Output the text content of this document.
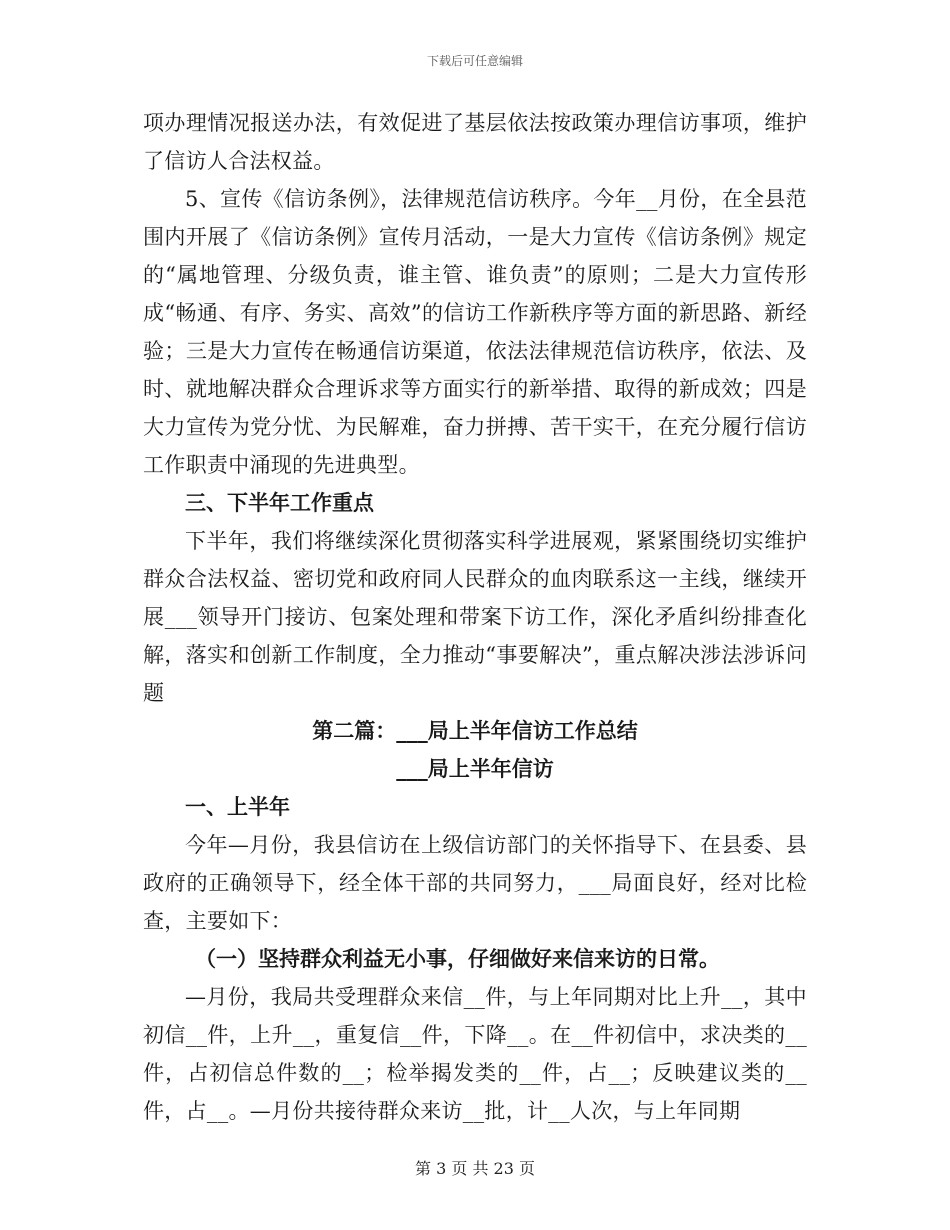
下载后可任意编辑

项办理情况报送办法，有效促进了基层依法按政策办理信访事项，维护了信访人合法权益。

5、宣传《信访条例》，法律规范信访秩序。今年__月份，在全县范围内开展了《信访条例》宣传月活动，一是大力宣传《信访条例》规定的“属地管理、分级负责，谁主管、谁负责”的原则；二是大力宣传形成“畅通、有序、务实、高效”的信访工作新秩序等方面的新思路、新经验；三是大力宣传在畅通信访渠道，依法法律规范信访秩序，依法、及时、就地解决群众合理诉求等方面实行的新举措、取得的新成效；四是大力宣传为党分忧、为民解难，奋力拼搏、苦干实干，在充分履行信访工作职责中涌现的先进典型。

三、下半年工作重点

下半年，我们将继续深化贯彻落实科学进展观，紧紧围绕切实维护群众合法权益、密切党和政府同人民群众的血肉联系这一主线，继续开展___领导开门接访、包案处理和带案下访工作，深化矛盾纠纷排查化解，落实和创新工作制度，全力推动“事要解决”，重点解决涉法涉诉问题

第二篇：___局上半年信访工作总结

___局上半年信访

一、上半年

今年—月份，我县信访在上级信访部门的关怀指导下、在县委、县政府的正确领导下，经全体干部的共同努力，___局面良好，经对比检查，主要如下：

（一）坚持群众利益无小事，仔细做好来信来访的日常。

—月份，我局共受理群众来信__件，与上年同期对比上升__，其中初信__件，上升__，重复信__件，下降__。在__件初信中，求决类的__件，占初信总件数的__；检举揭发类的__件，占__；反映建议类的__件，占__。—月份共接待群众来访__批，计__人次，与上年同期

第 3 页 共 23 页
